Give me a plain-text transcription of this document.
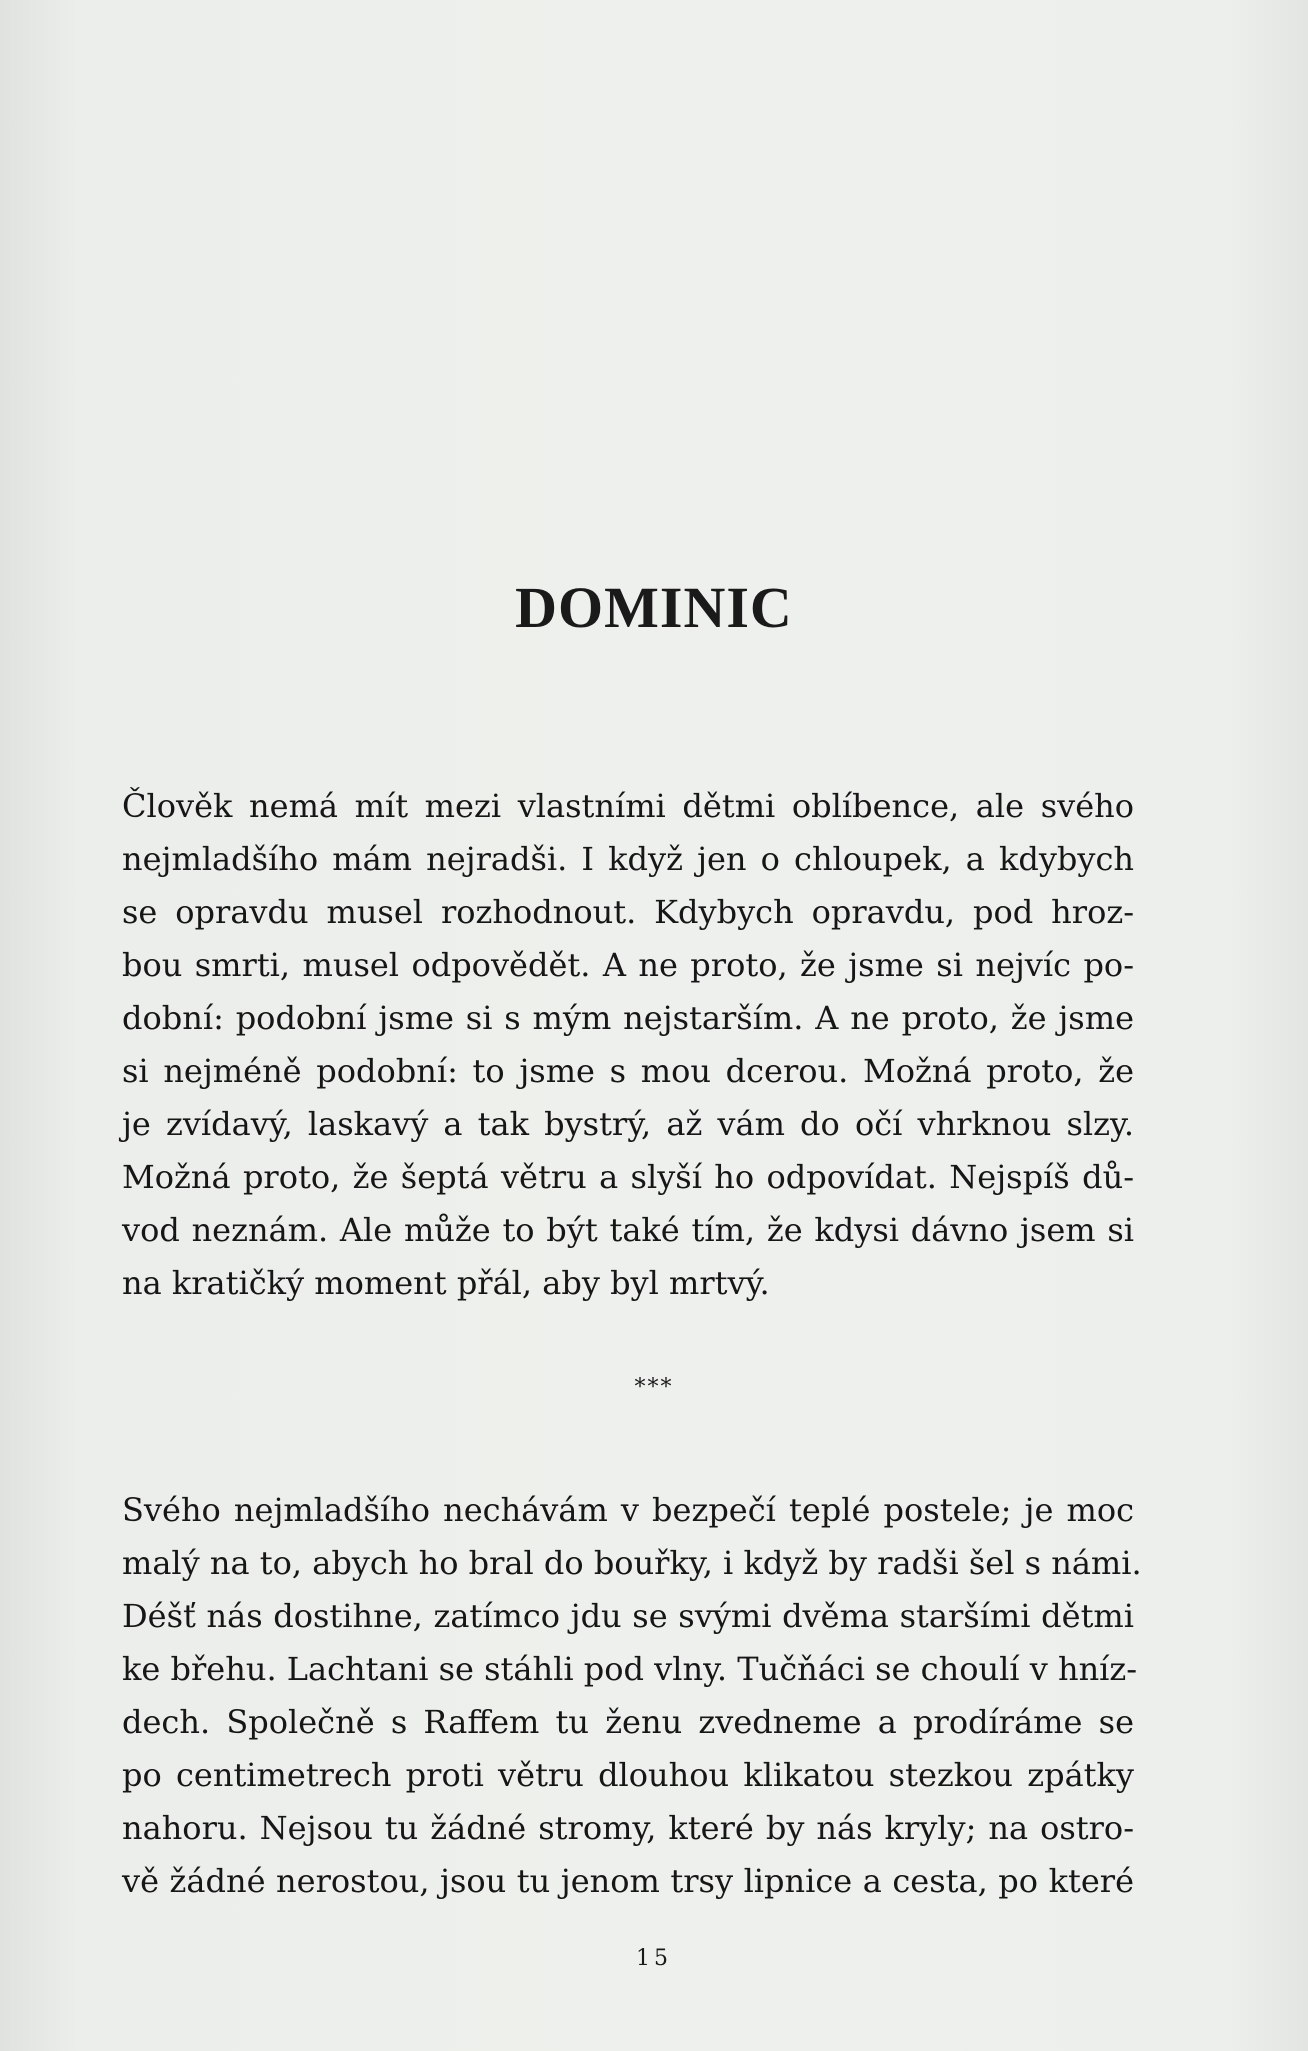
DOMINIC
Člověk nemá mít mezi vlastními dětmi oblíbence, ale svého
nejmladšího mám nejradši. I když jen o chloupek, a kdybych
se opravdu musel rozhodnout. Kdybych opravdu, pod hroz-
bou smrti, musel odpovědět. A ne proto, že jsme si nejvíc po-
dobní: podobní jsme si s mým nejstarším. A ne proto, že jsme
si nejméně podobní: to jsme s mou dcerou. Možná proto, že
je zvídavý, laskavý a tak bystrý, až vám do očí vhrknou slzy.
Možná proto, že šeptá větru a slyší ho odpovídat. Nejspíš dů-
vod neznám. Ale může to být také tím, že kdysi dávno jsem si
na kratičký moment přál, aby byl mrtvý.
***
Svého nejmladšího nechávám v bezpečí teplé postele; je moc
malý na to, abych ho bral do bouřky, i když by radši šel s námi.
Déšť nás dostihne, zatímco jdu se svými dvěma staršími dětmi
ke břehu. Lachtani se stáhli pod vlny. Tučňáci se choulí v hníz-
dech. Společně s Raffem tu ženu zvedneme a prodíráme se
po centimetrech proti větru dlouhou klikatou stezkou zpátky
nahoru. Nejsou tu žádné stromy, které by nás kryly; na ostro-
vě žádné nerostou, jsou tu jenom trsy lipnice a cesta, po které
15
